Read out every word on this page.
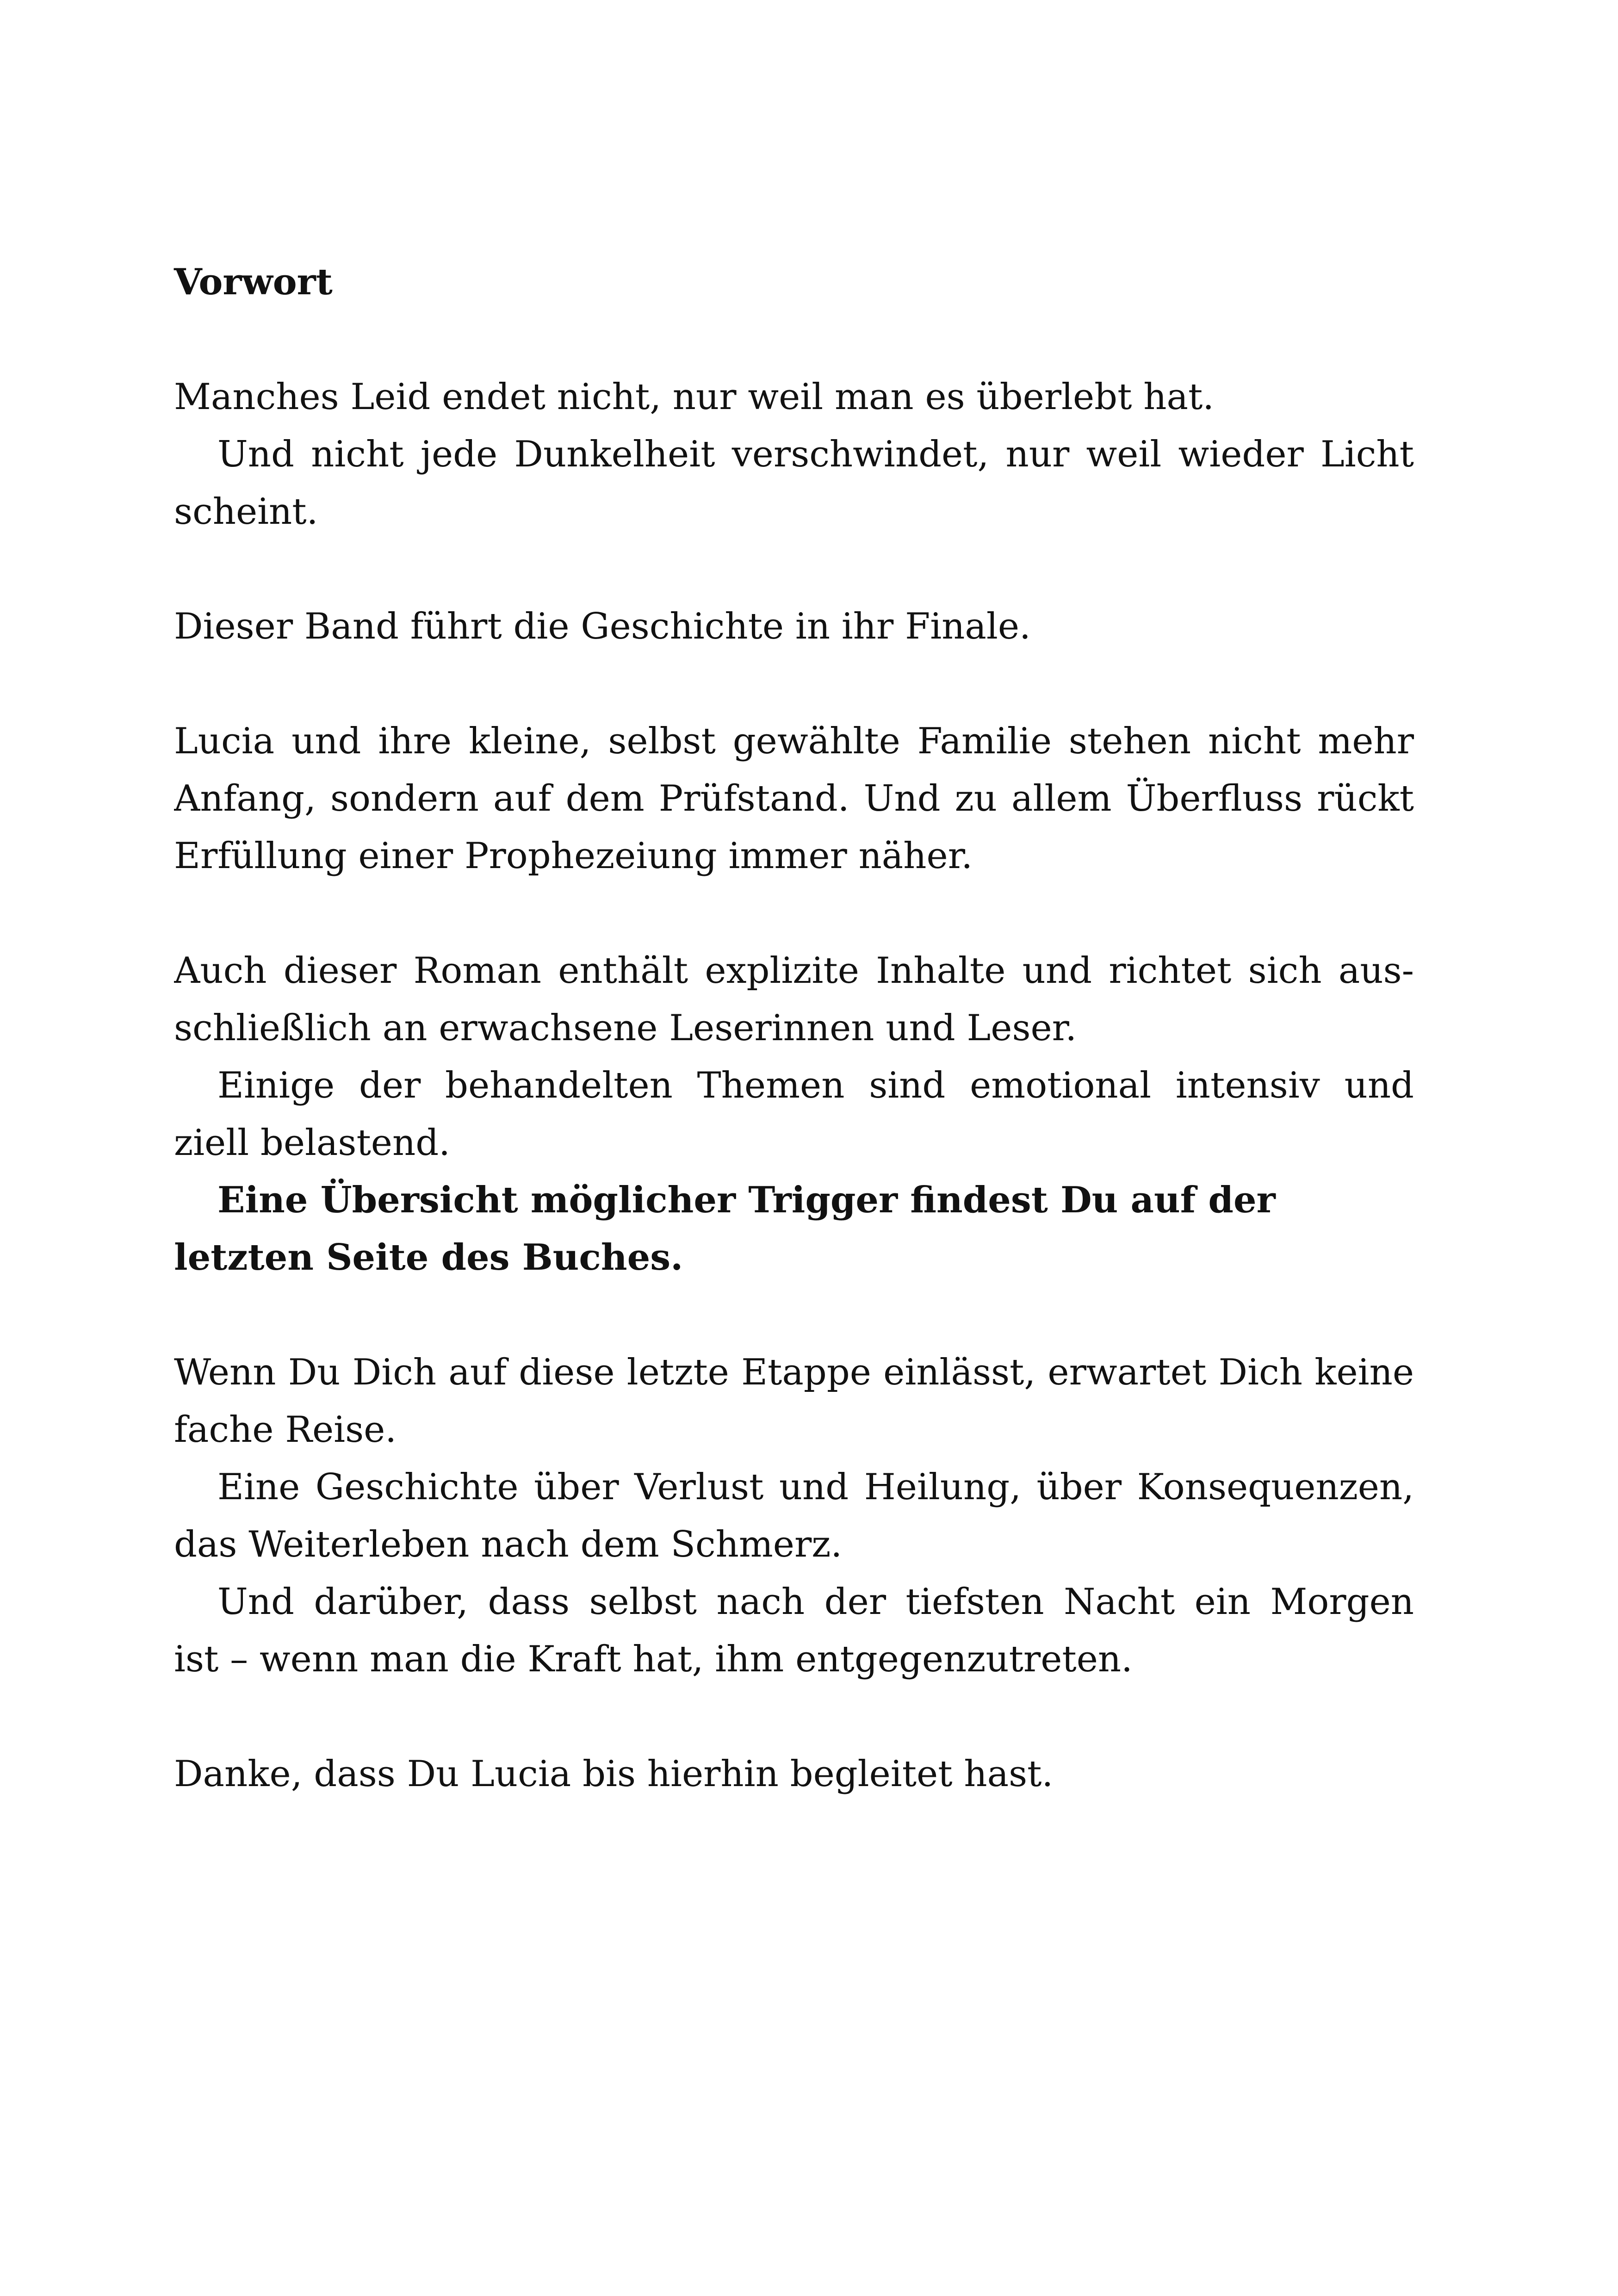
Vorwort
Manches Leid endet nicht, nur weil man es überlebt hat.
Und nicht jede Dunkelheit verschwindet, nur weil wieder Licht
scheint.
Dieser Band führt die Geschichte in ihr Finale.
Lucia und ihre kleine, selbst gewählte Familie stehen nicht mehr
Anfang, sondern auf dem Prüfstand. Und zu allem Überfluss rückt
Erfüllung einer Prophezeiung immer näher.
Auch dieser Roman enthält explizite Inhalte und richtet sich aus-
schließlich an erwachsene Leserinnen und Leser.
Einige der behandelten Themen sind emotional intensiv und
ziell belastend.
Eine Übersicht möglicher Trigger findest Du auf der
letzten Seite des Buches.
Wenn Du Dich auf diese letzte Etappe einlässt, erwartet Dich keine
fache Reise.
Eine Geschichte über Verlust und Heilung, über Konsequenzen,
das Weiterleben nach dem Schmerz.
Und darüber, dass selbst nach der tiefsten Nacht ein Morgen
ist – wenn man die Kraft hat, ihm entgegenzutreten.
Danke, dass Du Lucia bis hierhin begleitet hast.
